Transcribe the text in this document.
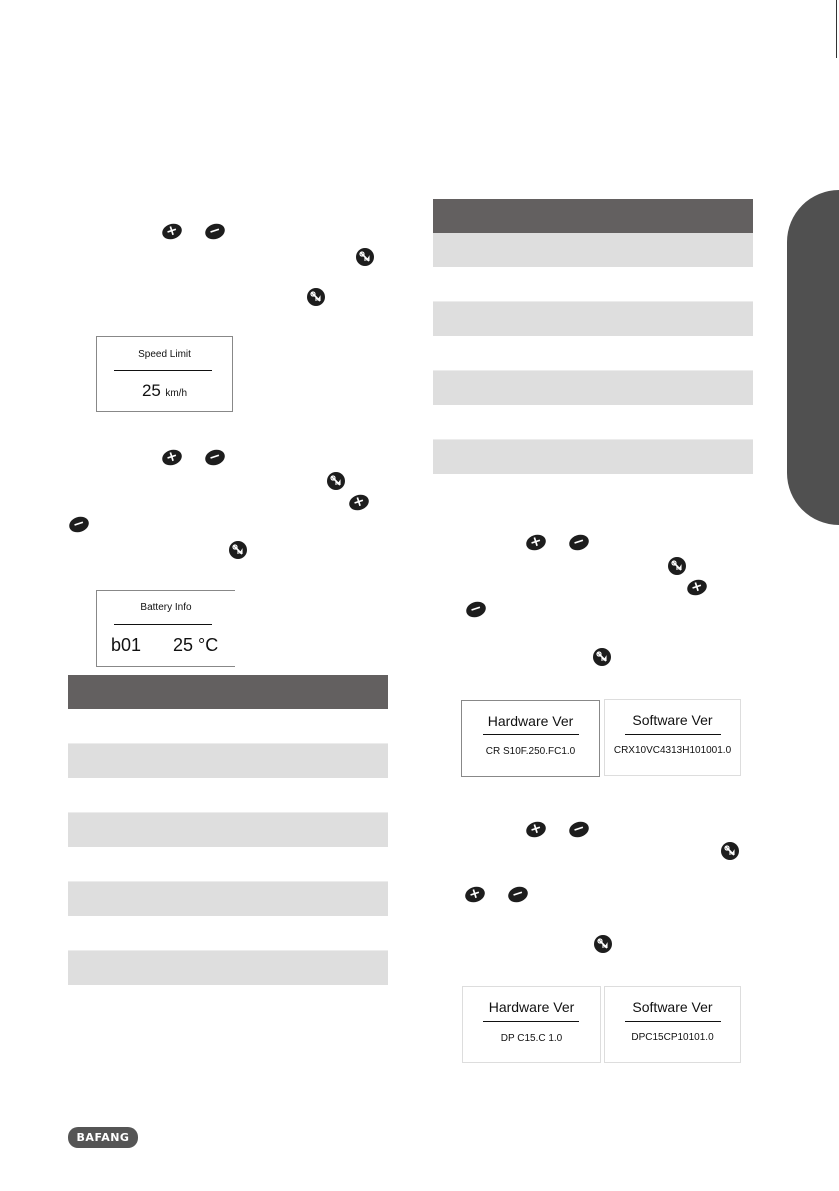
+ −
Speed Limit
25 km/h
+ −
+
−
Battery Info
b01 25 °C
+ −
+
−
Hardware Ver
CR S10F.250.FC1.0
Software Ver
CRX10VC4313H101001.0
+ −
+ −
Hardware Ver
DP C15.C 1.0
Software Ver
DPC15CP10101.0
BAFANG
